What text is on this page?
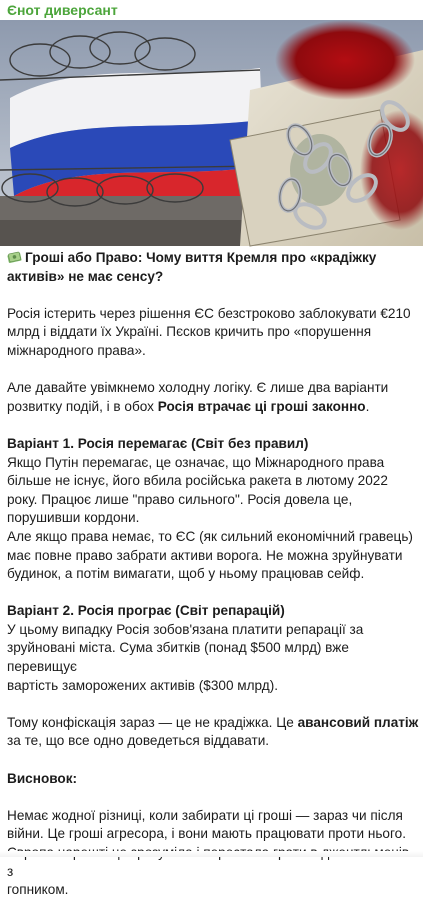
Єнот диверсант

Гроші або Право: Чому виття Кремля про «крадіжку активів» не має сенсу?

Росія істерить через рішення ЄС безстроково заблокувати €210

млрд і віддати їх Україні. Пєсков кричить про «порушення

міжнародного права».

Але давайте увімкнемо холодну логіку. Є лише два варіанти

розвитку подій, і в обох Росія втрачає ці гроші законно.

Варіант 1. Росія перемагає (Світ без правил)

Якщо Путін перемагає, це означає, що Міжнародного права

більше не існує, його вбила російська ракета в лютому 2022

року. Працює лише "право сильного". Росія довела це,

порушивши кордони.

Але якщо права немає, то ЄС (як сильний економічний гравець)

має повне право забрати активи ворога. Не можна зруйнувати

будинок, а потім вимагати, щоб у ньому працював сейф.

Варіант 2. Росія програє (Світ репарацій)

У цьому випадку Росія зобов'язана платити репарації за

зруйновані міста. Сума збитків (понад $500 млрд) вже перевищує

вартість заморожених активів ($300 млрд).

Тому конфіскація зараз — це не крадіжка. Це авансовий платіж

за те, що все одно доведеться віддавати.

Висновок:

Немає жодної різниці, коли забирати ці гроші — зараз чи після

війни. Це гроші агресора, і вони мають працювати проти нього.

з

гопником.
